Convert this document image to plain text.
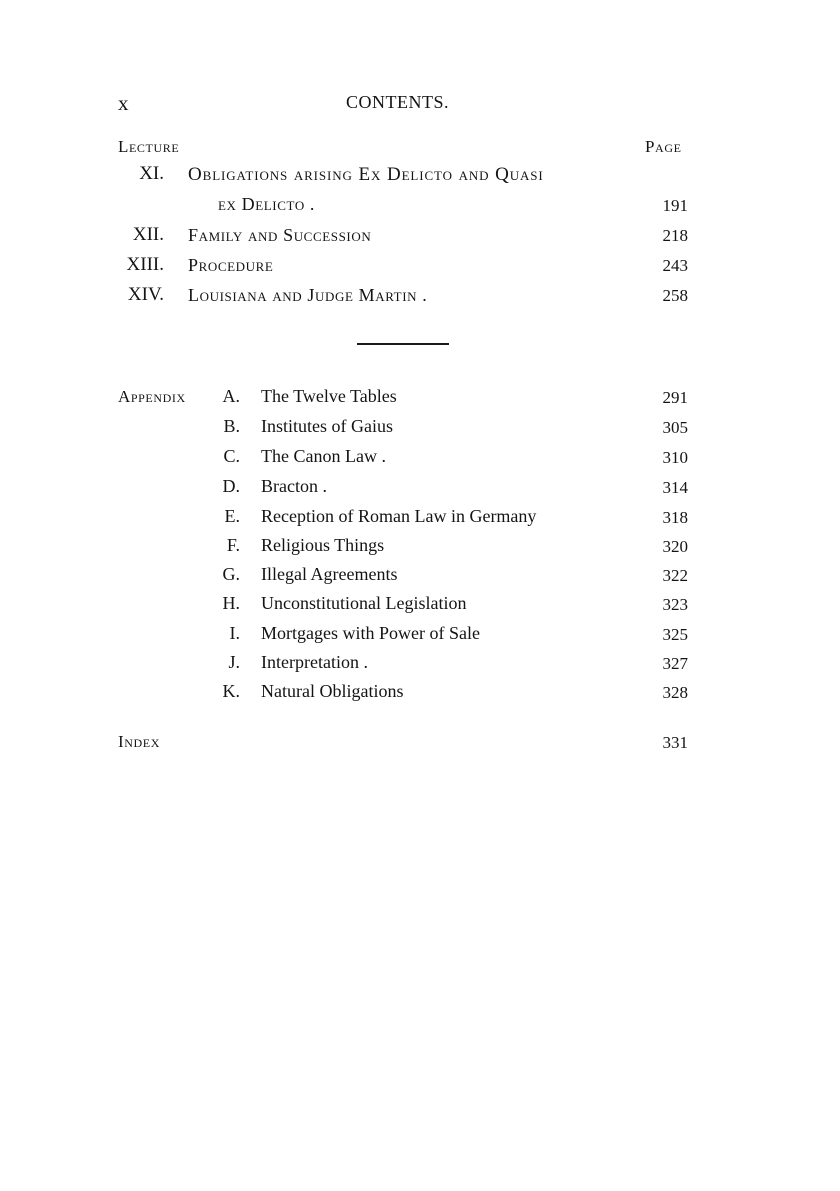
x	CONTENTS.
Lecture	Page
XI. Obligations arising Ex Delicto and Quasi
ex Delicto .	191
XII. Family and Succession	218
XIII. Procedure	243
XIV. Louisiana and Judge Martin .	258
Appendix	A. The Twelve Tables	291
B. Institutes of Gaius	305
C. The Canon Law .	310
D. Bracton .	314
E. Reception of Roman Law in Germany	318
F. Religious Things	320
G. Illegal Agreements	322
H. Unconstitutional Legislation	323
I. Mortgages with Power of Sale	325
J. Interpretation .	327
K. Natural Obligations	328
Index	331
